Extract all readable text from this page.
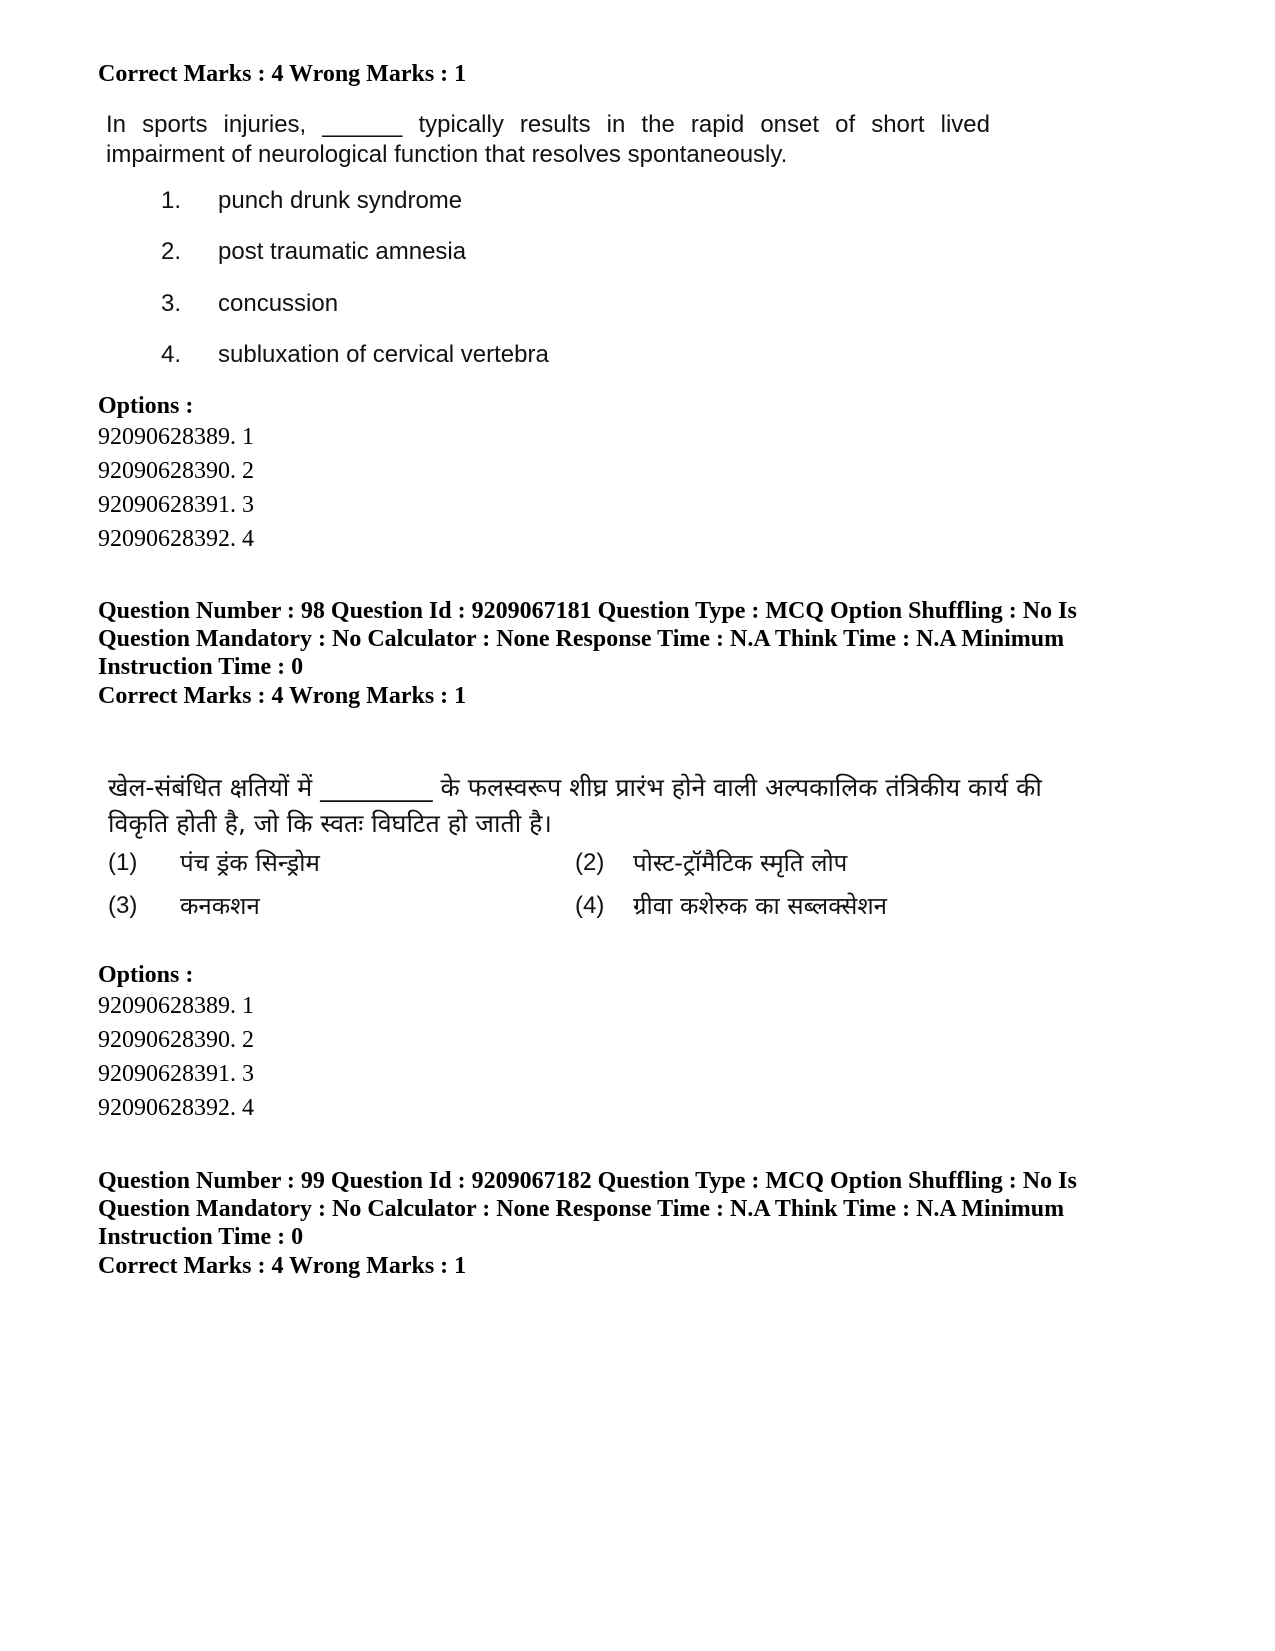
Correct Marks : 4 Wrong Marks : 1
In sports injuries, ______ typically results in the rapid onset of short lived impairment of neurological function that resolves spontaneously.
1. punch drunk syndrome
2. post traumatic amnesia
3. concussion
4. subluxation of cervical vertebra
Options :
92090628389. 1
92090628390. 2
92090628391. 3
92090628392. 4
Question Number : 98 Question Id : 9209067181 Question Type : MCQ Option Shuffling : No Is
Question Mandatory : No Calculator : None Response Time : N.A Think Time : N.A Minimum
Instruction Time : 0
Correct Marks : 4 Wrong Marks : 1
खेल-संबंधित क्षतियों में _________ के फलस्वरूप शीघ्र प्रारंभ होने वाली अल्पकालिक तंत्रिकीय कार्य की
विकृति होती है, जो कि स्वतः विघटित हो जाती है।
(1) पंच ड्रंक सिन्ड्रोम	(2) पोस्ट-ट्रॉमैटिक स्मृति लोप
(3) कनकशन	(4) ग्रीवा कशेरुक का सब्लक्सेशन
Options :
92090628389. 1
92090628390. 2
92090628391. 3
92090628392. 4
Question Number : 99 Question Id : 9209067182 Question Type : MCQ Option Shuffling : No Is
Question Mandatory : No Calculator : None Response Time : N.A Think Time : N.A Minimum
Instruction Time : 0
Correct Marks : 4 Wrong Marks : 1
